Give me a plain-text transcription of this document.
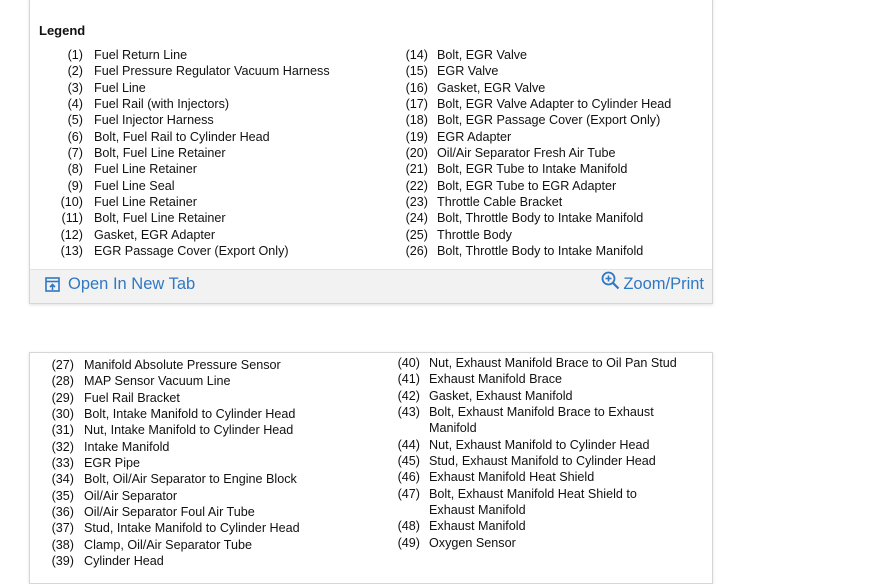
Legend
(1) Fuel Return Line
(2) Fuel Pressure Regulator Vacuum Harness
(3) Fuel Line
(4) Fuel Rail (with Injectors)
(5) Fuel Injector Harness
(6) Bolt, Fuel Rail to Cylinder Head
(7) Bolt, Fuel Line Retainer
(8) Fuel Line Retainer
(9) Fuel Line Seal
(10) Fuel Line Retainer
(11) Bolt, Fuel Line Retainer
(12) Gasket, EGR Adapter
(13) EGR Passage Cover (Export Only)
(14) Bolt, EGR Valve
(15) EGR Valve
(16) Gasket, EGR Valve
(17) Bolt, EGR Valve Adapter to Cylinder Head
(18) Bolt, EGR Passage Cover (Export Only)
(19) EGR Adapter
(20) Oil/Air Separator Fresh Air Tube
(21) Bolt, EGR Tube to Intake Manifold
(22) Bolt, EGR Tube to EGR Adapter
(23) Throttle Cable Bracket
(24) Bolt, Throttle Body to Intake Manifold
(25) Throttle Body
(26) Bolt, Throttle Body to Intake Manifold
Open In New Tab	Zoom/Print
(27) Manifold Absolute Pressure Sensor
(28) MAP Sensor Vacuum Line
(29) Fuel Rail Bracket
(30) Bolt, Intake Manifold to Cylinder Head
(31) Nut, Intake Manifold to Cylinder Head
(32) Intake Manifold
(33) EGR Pipe
(34) Bolt, Oil/Air Separator to Engine Block
(35) Oil/Air Separator
(36) Oil/Air Separator Foul Air Tube
(37) Stud, Intake Manifold to Cylinder Head
(38) Clamp, Oil/Air Separator Tube
(39) Cylinder Head
(40) Nut, Exhaust Manifold Brace to Oil Pan Stud
(41) Exhaust Manifold Brace
(42) Gasket, Exhaust Manifold
(43) Bolt, Exhaust Manifold Brace to Exhaust
Manifold
(44) Nut, Exhaust Manifold to Cylinder Head
(45) Stud, Exhaust Manifold to Cylinder Head
(46) Exhaust Manifold Heat Shield
(47) Bolt, Exhaust Manifold Heat Shield to
Exhaust Manifold
(48) Exhaust Manifold
(49) Oxygen Sensor
